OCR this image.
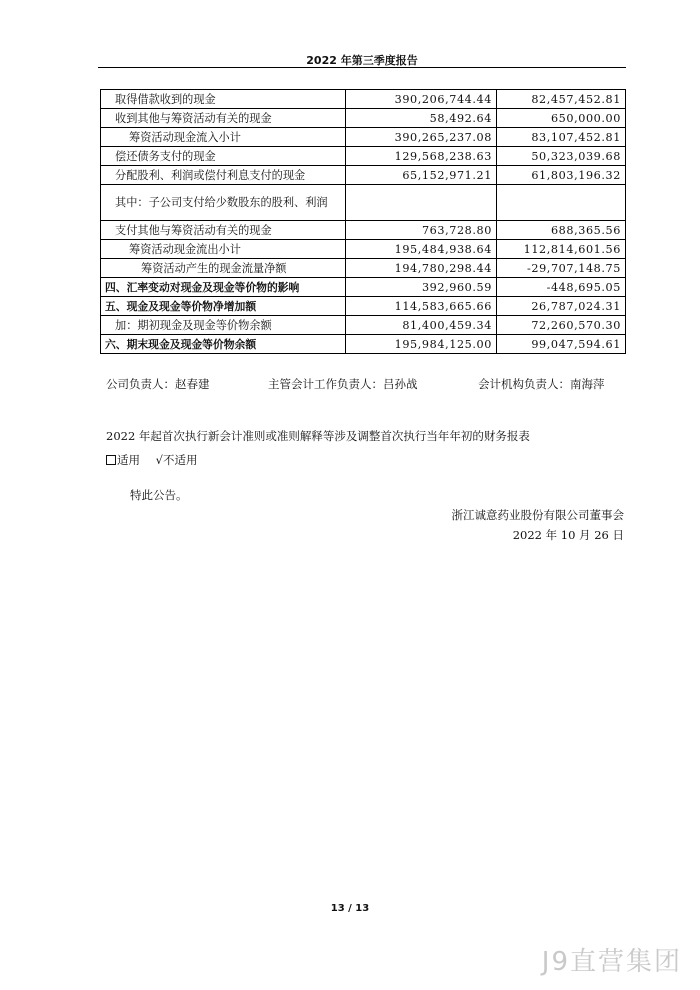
2022 年第三季度报告
取得借款收到的现金	390,206,744.44	82,457,452.81
收到其他与筹资活动有关的现金	58,492.64	650,000.00
筹资活动现金流入小计	390,265,237.08	83,107,452.81
偿还债务支付的现金	129,568,238.63	50,323,039.68
分配股利、利润或偿付利息支付的现金	65,152,971.21	61,803,196.32
其中：子公司支付给少数股东的股利、利润		
支付其他与筹资活动有关的现金	763,728.80	688,365.56
筹资活动现金流出小计	195,484,938.64	112,814,601.56
筹资活动产生的现金流量净额	194,780,298.44	-29,707,148.75
四、汇率变动对现金及现金等价物的影响	392,960.59	-448,695.05
五、现金及现金等价物净增加额	114,583,665.66	26,787,024.31
加：期初现金及现金等价物余额	81,400,459.34	72,260,570.30
六、期末现金及现金等价物余额	195,984,125.00	99,047,594.61
公司负责人：赵春建	主管会计工作负责人：吕孙战	会计机构负责人：南海萍
2022 年起首次执行新会计准则或准则解释等涉及调整首次执行当年年初的财务报表
适用 √不适用
特此公告。
浙江诚意药业股份有限公司董事会
2022 年 10 月 26 日
13 / 13
J9直营集团
